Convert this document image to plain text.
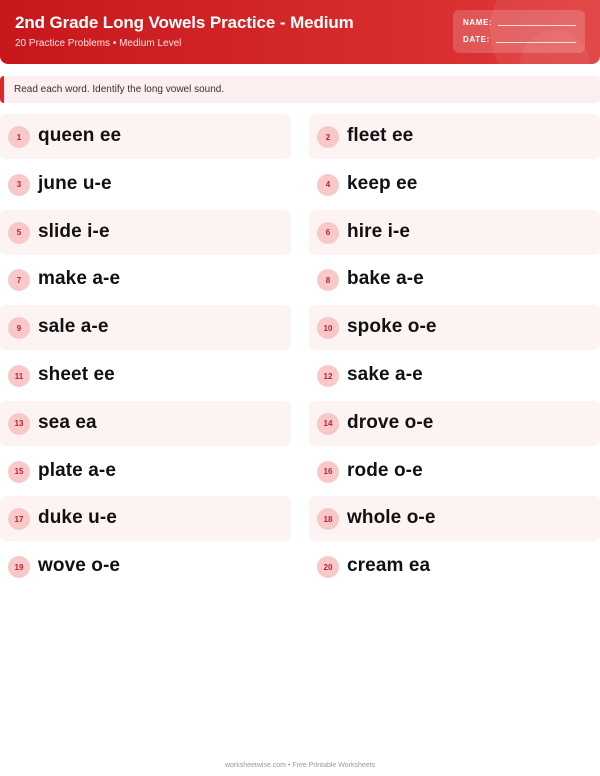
2nd Grade Long Vowels Practice - Medium
20 Practice Problems • Medium Level
NAME:
DATE:
Read each word. Identify the long vowel sound.
1 queen ee	2 fleet ee
3 june u-e	4 keep ee
5 slide i-e	6 hire i-e
7 make a-e	8 bake a-e
9 sale a-e	10 spoke o-e
11 sheet ee	12 sake a-e
13 sea ea	14 drove o-e
15 plate a-e	16 rode o-e
17 duke u-e	18 whole o-e
19 wove o-e	20 cream ea
worksheetwise.com • Free Printable Worksheets
